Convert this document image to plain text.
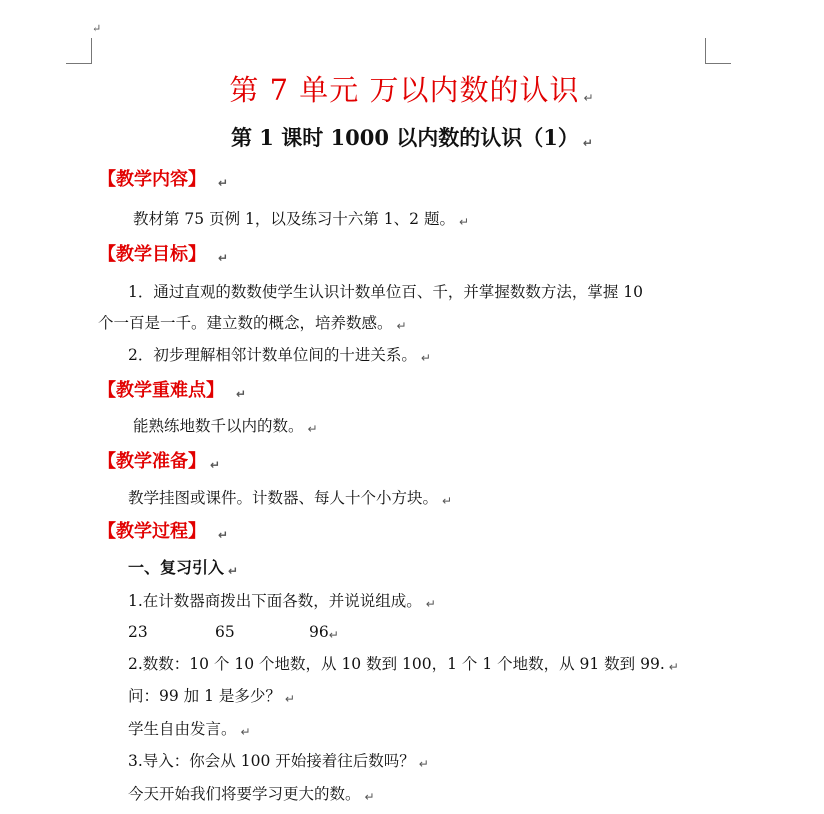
↵
第 7 单元 万以内数的认识 ↵
第 1 课时 1000 以内数的认识（1） ↵
【教学内容】 ↵
教材第 75 页例 1，以及练习十六第 1、2 题。 ↵
【教学目标】 ↵
1．通过直观的数数使学生认识计数单位百、千，并掌握数数方法，掌握 10
个一百是一千。建立数的概念，培养数感。 ↵
2．初步理解相邻计数单位间的十进关系。 ↵
【教学重难点】 ↵
能熟练地数千以内的数。 ↵
【教学准备】 ↵
教学挂图或课件。计数器、每人十个小方块。 ↵
【教学过程】 ↵
一、复习引入 ↵
1.在计数器商拨出下面各数，并说说组成。 ↵
23	65	96↵
2.数数：10 个 10 个地数，从 10 数到 100，1 个 1 个地数，从 91 数到 99. ↵
问：99 加 1 是多少？ ↵
学生自由发言。 ↵
3.导入：你会从 100 开始接着往后数吗？ ↵
今天开始我们将要学习更大的数。 ↵
